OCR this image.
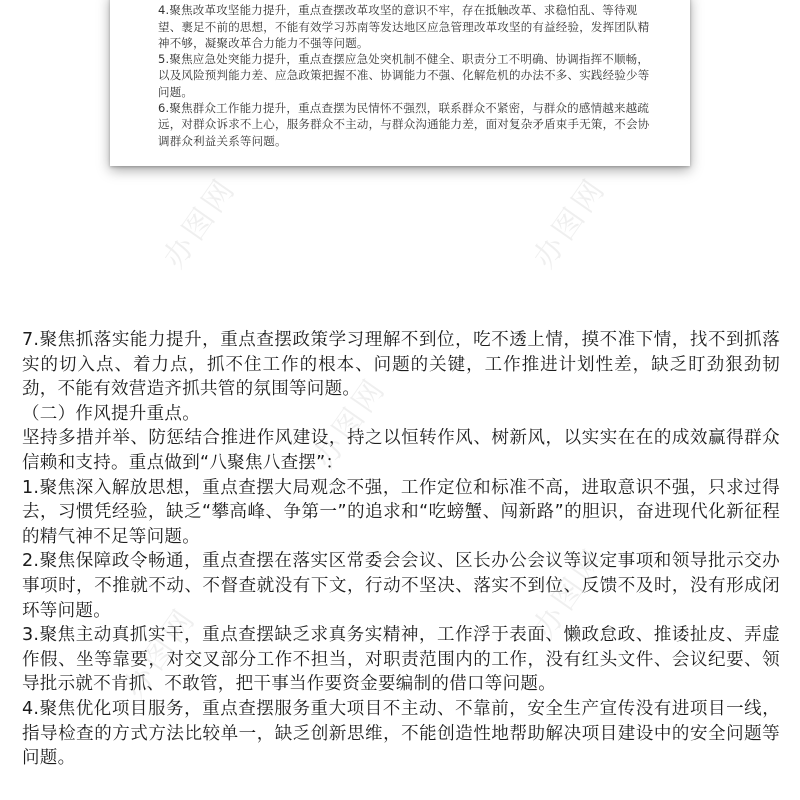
办图网	办图网
办图网
办图网
办图网

4.聚焦改革攻坚能力提升，重点查摆改革攻坚的意识不牢，存在抵触改革、求稳怕乱、等待观望、裹足不前的思想，不能有效学习苏南等发达地区应急管理改革攻坚的有益经验，发挥团队精神不够，凝聚改革合力能力不强等问题。

5.聚焦应急处突能力提升，重点查摆应急处突机制不健全、职责分工不明确、协调指挥不顺畅，以及风险预判能力差、应急政策把握不准、协调能力不强、化解危机的办法不多、实践经验少等问题。

6.聚焦群众工作能力提升，重点查摆为民情怀不强烈，联系群众不紧密，与群众的感情越来越疏远，对群众诉求不上心，服务群众不主动，与群众沟通能力差，面对复杂矛盾束手无策，不会协调群众利益关系等问题。

7.聚焦抓落实能力提升，重点查摆政策学习理解不到位，吃不透上情，摸不准下情，找不到抓落实的切入点、着力点，抓不住工作的根本、问题的关键，工作推进计划性差，缺乏盯劲狠劲韧劲，不能有效营造齐抓共管的氛围等问题。

（二）作风提升重点。

坚持多措并举、防惩结合推进作风建设，持之以恒转作风、树新风，以实实在在的成效赢得群众信赖和支持。重点做到“八聚焦八查摆”：

1.聚焦深入解放思想，重点查摆大局观念不强，工作定位和标准不高，进取意识不强，只求过得去，习惯凭经验，缺乏“攀高峰、争第一”的追求和“吃螃蟹、闯新路”的胆识，奋进现代化新征程的精气神不足等问题。

2.聚焦保障政令畅通，重点查摆在落实区常委会会议、区长办公会议等议定事项和领导批示交办事项时，不推就不动、不督查就没有下文，行动不坚决、落实不到位、反馈不及时，没有形成闭环等问题。

3.聚焦主动真抓实干，重点查摆缺乏求真务实精神，工作浮于表面、懒政怠政、推诿扯皮、弄虚作假、坐等靠要，对交叉部分工作不担当，对职责范围内的工作，没有红头文件、会议纪要、领导批示就不肯抓、不敢管，把干事当作要资金要编制的借口等问题。

4.聚焦优化项目服务，重点查摆服务重大项目不主动、不靠前，安全生产宣传没有进项目一线，指导检查的方式方法比较单一，缺乏创新思维，不能创造性地帮助解决项目建设中的安全问题等问题。
